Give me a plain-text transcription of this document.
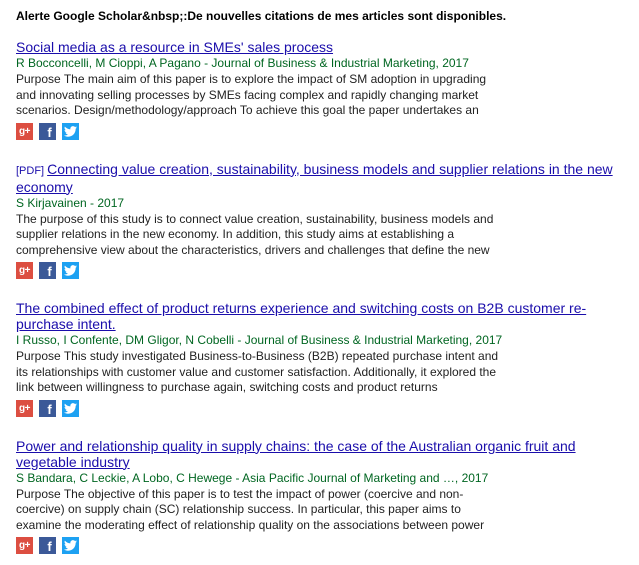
Alerte Google Scholar&nbsp;:De nouvelles citations de mes articles sont disponibles.
Social media as a resource in SMEs' sales process
R Bocconcelli, M Cioppi, A Pagano - Journal of Business & Industrial Marketing, 2017
Purpose The main aim of this paper is to explore the impact of SM adoption in upgrading
and innovating selling processes by SMEs facing complex and rapidly changing market
scenarios. Design/methodology/approach To achieve this goal the paper undertakes an
g+	f
[PDF] Connecting value creation, sustainability, business models and supplier relations in the new economy
S Kirjavainen - 2017
The purpose of this study is to connect value creation, sustainability, business models and
supplier relations in the new economy. In addition, this study aims at establishing a
comprehensive view about the characteristics, drivers and challenges that define the new
g+	f
The combined effect of product returns experience and switching costs on B2B customer re-purchase intent.
I Russo, I Confente, DM Gligor, N Cobelli - Journal of Business & Industrial Marketing, 2017
Purpose This study investigated Business-to-Business (B2B) repeated purchase intent and
its relationships with customer value and customer satisfaction. Additionally, it explored the
link between willingness to purchase again, switching costs and product returns
g+	f
Power and relationship quality in supply chains: the case of the Australian organic fruit and vegetable industry
S Bandara, C Leckie, A Lobo, C Hewege - Asia Pacific Journal of Marketing and …, 2017
Purpose The objective of this paper is to test the impact of power (coercive and non-
coercive) on supply chain (SC) relationship success. In particular, this paper aims to
examine the moderating effect of relationship quality on the associations between power
g+	f
